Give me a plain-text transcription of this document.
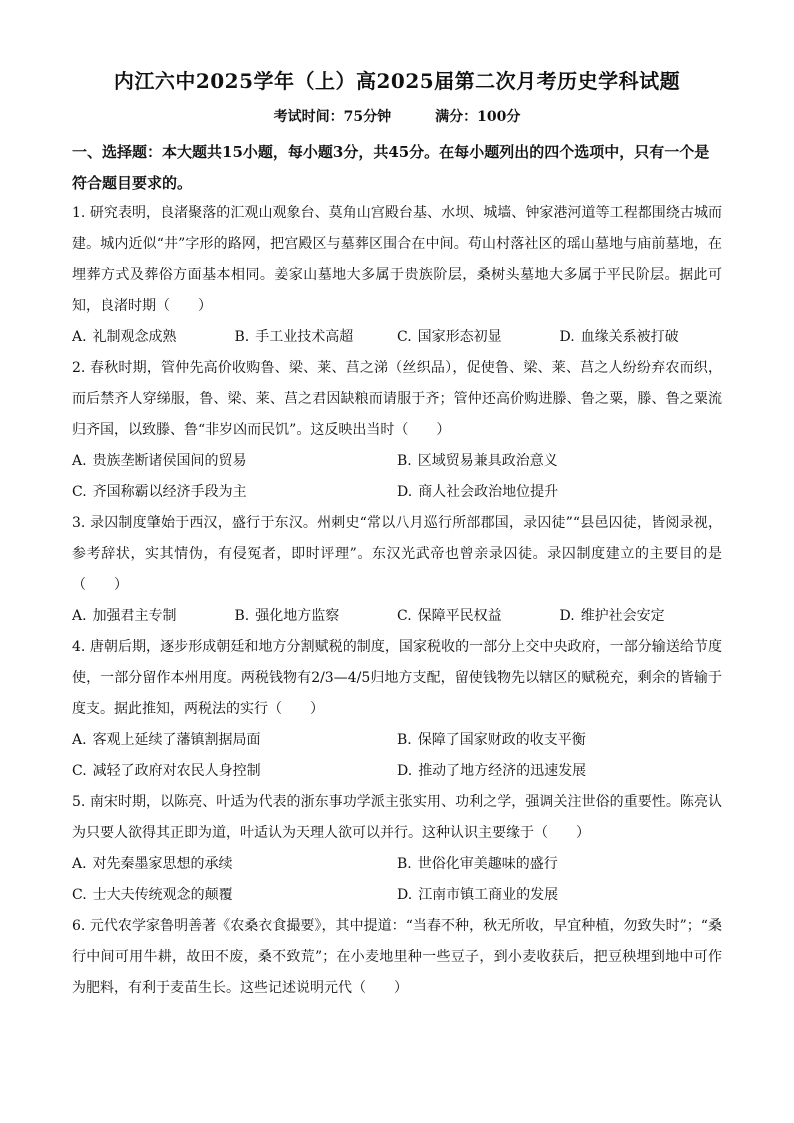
内江六中2025学年（上）高2025届第二次月考历史学科试题
考试时间：75分钟	满分：100分
一、选择题：本大题共15小题，每小题3分，共45分。在每小题列出的四个选项中，只有一个是符合题目要求的。
1. 研究表明，良渚聚落的汇观山观象台、莫角山宫殿台基、水坝、城墙、钟家港河道等工程都围绕古城而建。城内近似“井”字形的路网，把宫殿区与墓葬区围合在中间。苟山村落社区的瑶山墓地与庙前墓地，在埋葬方式及葬俗方面基本相同。姜家山墓地大多属于贵族阶层，桑树头墓地大多属于平民阶层。据此可知，良渚时期（　　）
A. 礼制观念成熟	B. 手工业技术高超	C. 国家形态初显	D. 血缘关系被打破
2. 春秋时期，管仲先高价收购鲁、梁、莱、莒之涕（丝织品），促使鲁、梁、莱、莒之人纷纷弃农而织，而后禁齐人穿绨服，鲁、梁、莱、莒之君因缺粮而请服于齐；管仲还高价购进滕、鲁之粟，滕、鲁之粟流归齐国，以致滕、鲁“非岁凶而民饥”。这反映出当时（　　）
A. 贵族垄断诸侯国间的贸易	B. 区域贸易兼具政治意义
C. 齐国称霸以经济手段为主	D. 商人社会政治地位提升
3. 录囚制度肇始于西汉，盛行于东汉。州刺史“常以八月巡行所部郡国，录囚徒”“县邑囚徒，皆阅录视，参考辞状，实其情伪，有侵冤者，即时评理”。东汉光武帝也曾亲录囚徒。录囚制度建立的主要目的是（　　）
A. 加强君主专制	B. 强化地方监察	C. 保障平民权益	D. 维护社会安定
4. 唐朝后期，逐步形成朝廷和地方分割赋税的制度，国家税收的一部分上交中央政府，一部分输送给节度使，一部分留作本州用度。两税钱物有2/3—4/5归地方支配，留使钱物先以辖区的赋税充，剩余的皆输于度支。据此推知，两税法的实行（　　）
A. 客观上延续了藩镇割据局面	B. 保障了国家财政的收支平衡
C. 减轻了政府对农民人身控制	D. 推动了地方经济的迅速发展
5. 南宋时期，以陈亮、叶适为代表的浙东事功学派主张实用、功利之学，强调关注世俗的重要性。陈亮认为只要人欲得其正即为道，叶适认为天理人欲可以并行。这种认识主要缘于（　　）
A. 对先秦墨家思想的承续	B. 世俗化审美趣味的盛行
C. 士大夫传统观念的颠覆	D. 江南市镇工商业的发展
6. 元代农学家鲁明善著《农桑衣食撮要》，其中提道：“当春不种，秋无所收，早宜种植，勿致失时”；“桑行中间可用牛耕，故田不废，桑不致荒”；在小麦地里种一些豆子，到小麦收获后，把豆秧埋到地中可作为肥料，有利于麦苗生长。这些记述说明元代（　　）
